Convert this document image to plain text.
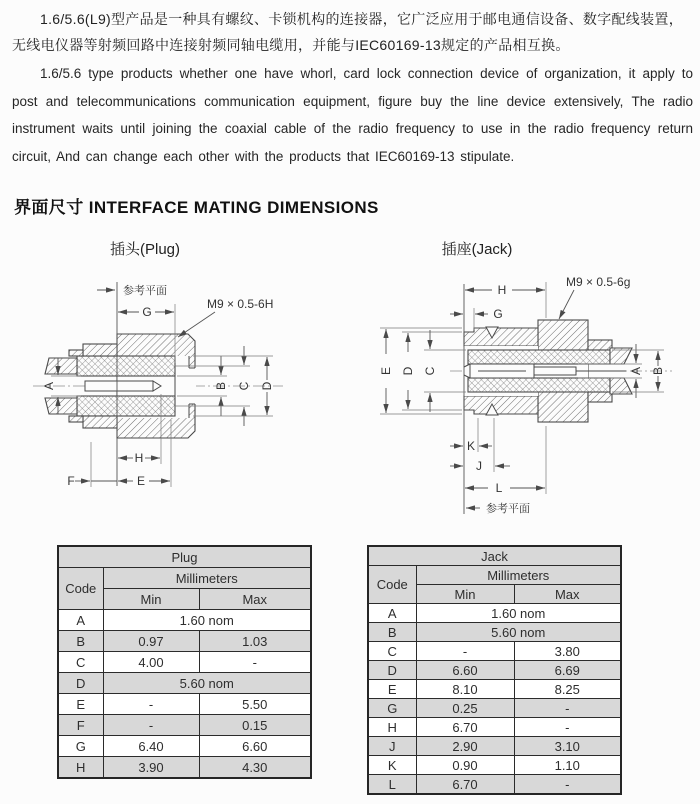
1.6/5.6(L9)型产品是一种具有螺纹、卡锁机构的连接器，它广泛应用于邮电通信设备、数字配线装置，无线电仪器等射频回路中连接射频同轴电缆用，并能与IEC60169-13规定的产品相互换。

1.6/5.6 type products whether one have whorl, card lock connection device of organization, it apply to post and telecommunications communication equipment, figure buy the line device extensively, The radio instrument waits until joining the coaxial cable of the radio frequency to use in the radio frequency return circuit, And can change each other with the products that IEC60169-13 stipulate.

界面尺寸 INTERFACE MATING DIMENSIONS
插头(Plug)	插座(Jack)
参考平面
G
M9 × 0.5-6H
A	B C D
H
F	E
H
M9 × 0.5-6g
G
E D C	A B
K
J
L
参考平面
Plug		
Code	Millimeters	
	Min	Max
A	1.60 nom	
B	0.97	1.03
C	4.00	-
D	5.60 nom	
E	-	5.50
F	-	0.15
G	6.40	6.60
H	3.90	4.30
Jack		
Code	Millimeters	
	Min	Max
A	1.60 nom	
B	5.60 nom	
C	-	3.80
D	6.60	6.69
E	8.10	8.25
G	0.25	-
H	6.70	-
J	2.90	3.10
K	0.90	1.10
L	6.70	-
